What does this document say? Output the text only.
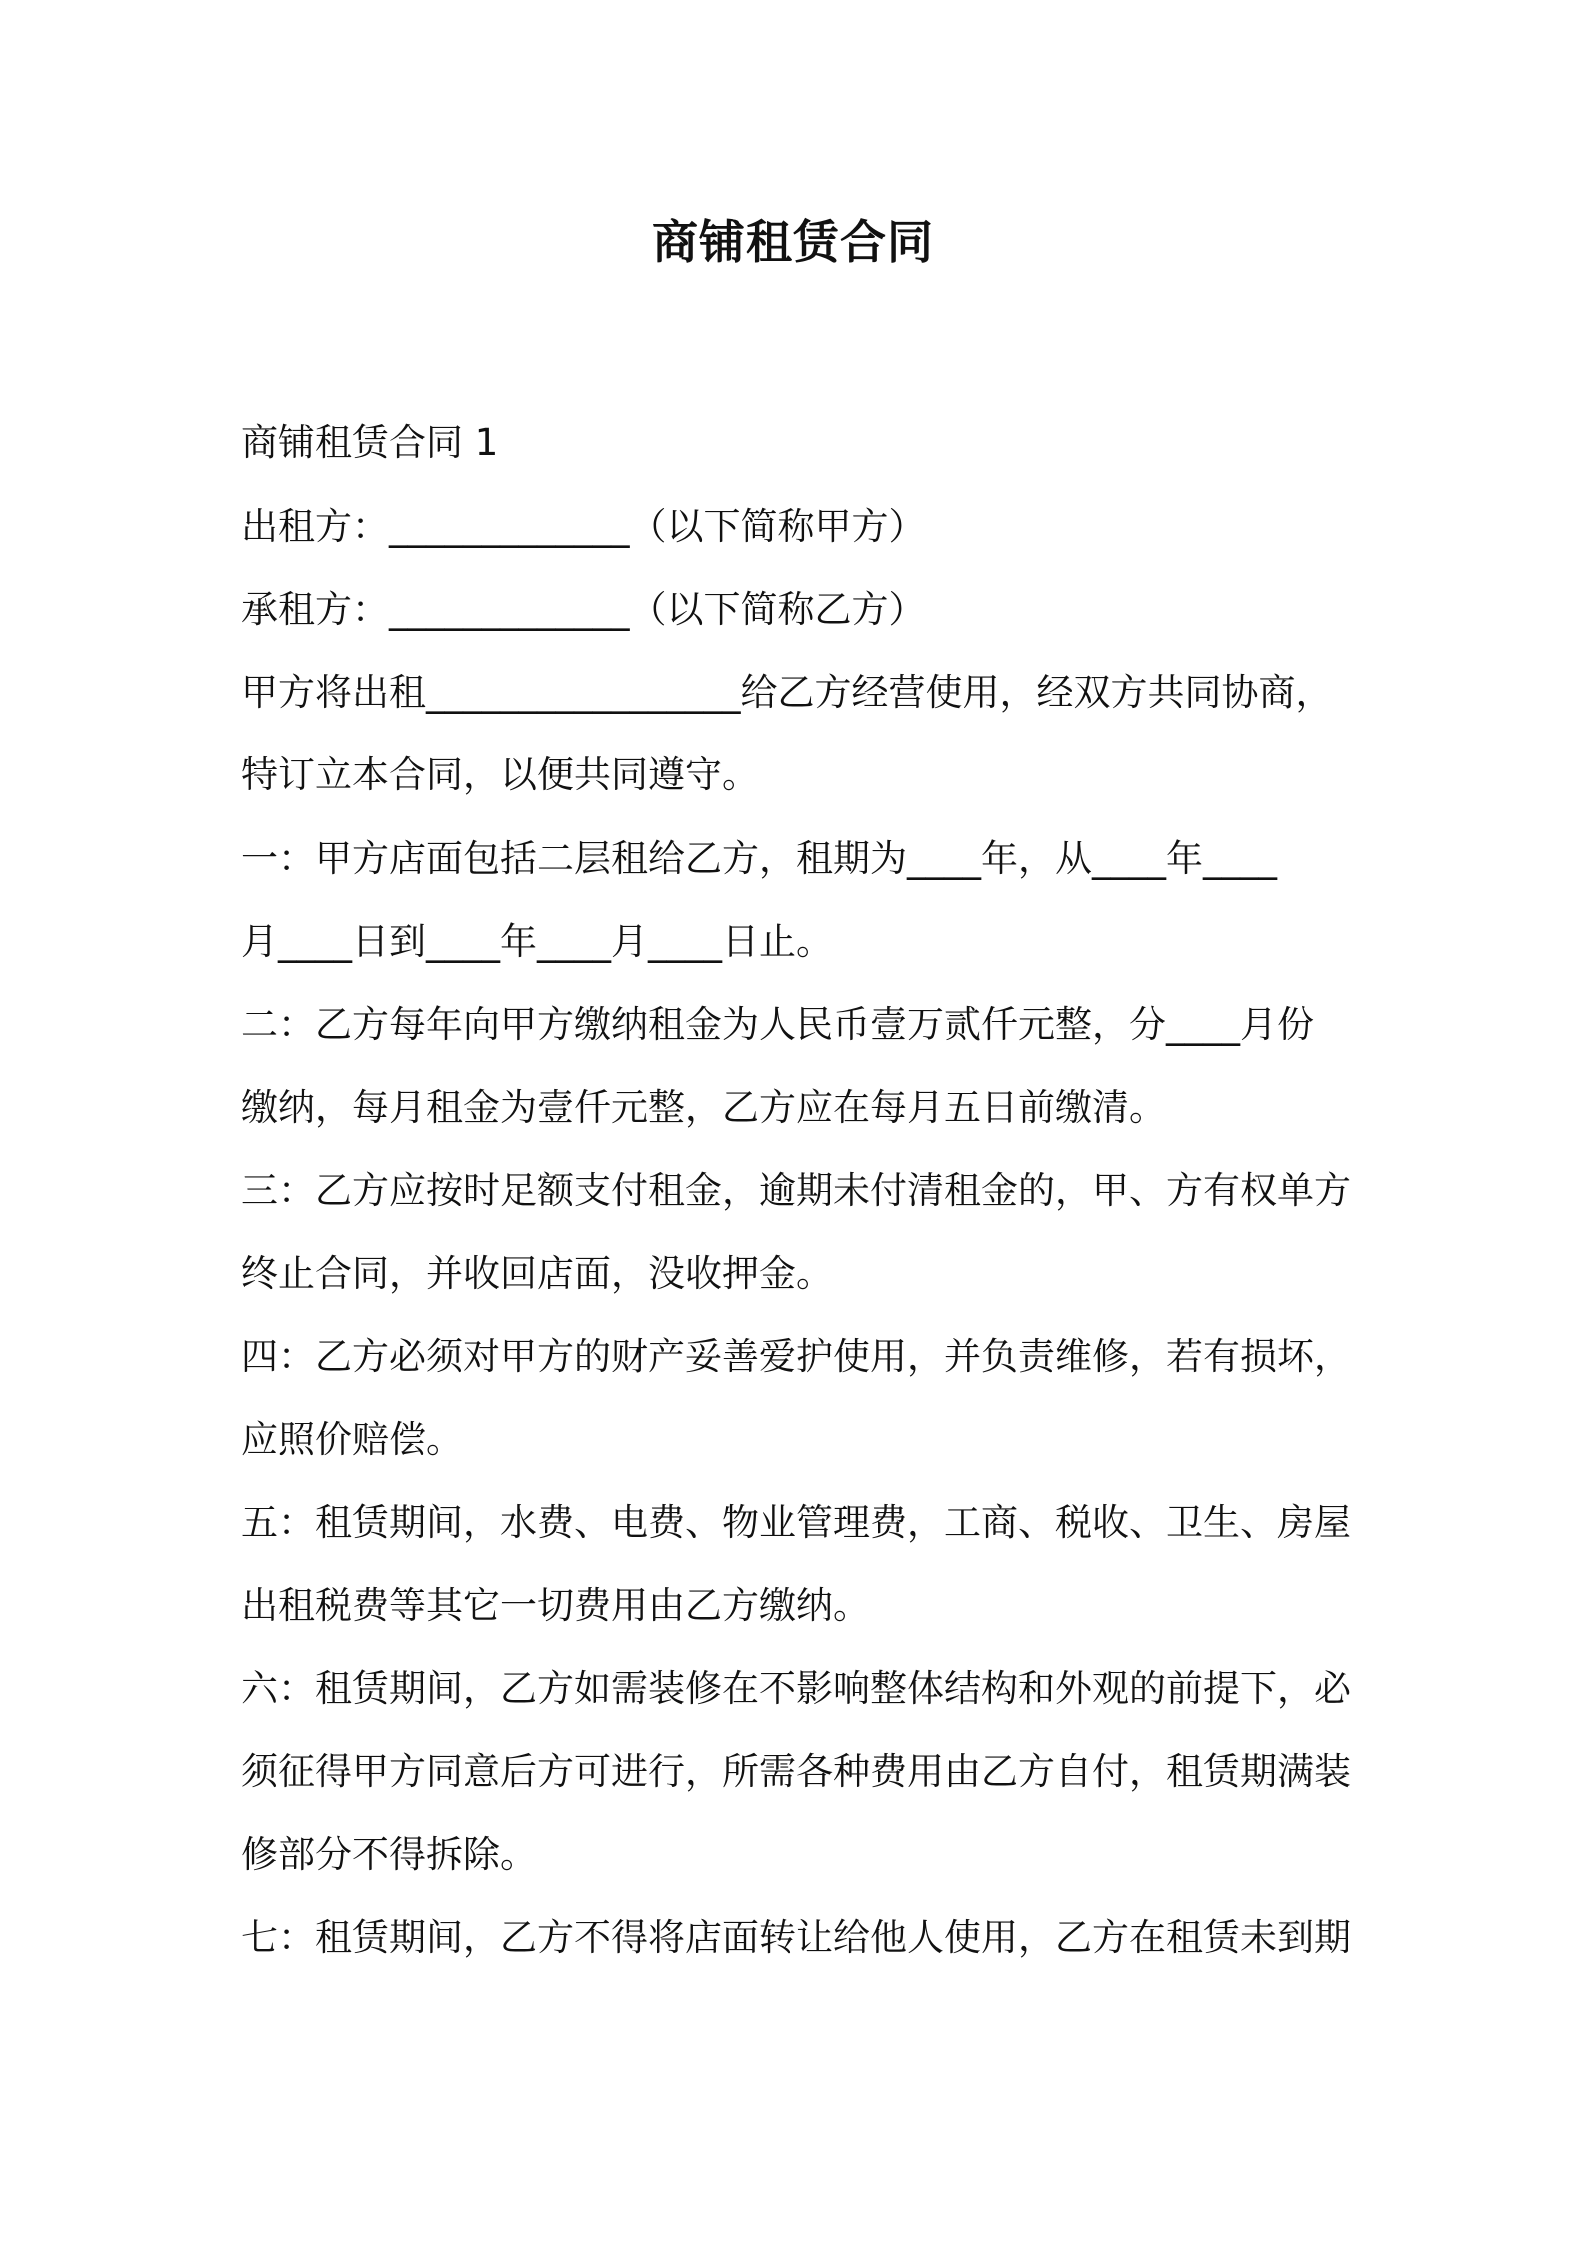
商铺租赁合同

商铺租赁合同 1

出租方：_____________（以下简称甲方）

承租方：_____________（以下简称乙方）

甲方将出租_________________给乙方经营使用，经双方共同协商，

特订立本合同，以便共同遵守。

一：甲方店面包括二层租给乙方，租期为____年，从____年____

月____日到____年____月____日止。

二：乙方每年向甲方缴纳租金为人民币壹万贰仟元整，分____月份

缴纳，每月租金为壹仟元整，乙方应在每月五日前缴清。

三：乙方应按时足额支付租金，逾期未付清租金的，甲、方有权单方

终止合同，并收回店面，没收押金。

四：乙方必须对甲方的财产妥善爱护使用，并负责维修，若有损坏，

应照价赔偿。

五：租赁期间，水费、电费、物业管理费，工商、税收、卫生、房屋

出租税费等其它一切费用由乙方缴纳。

六：租赁期间，乙方如需装修在不影响整体结构和外观的前提下，必

须征得甲方同意后方可进行，所需各种费用由乙方自付，租赁期满装

修部分不得拆除。

七：租赁期间，乙方不得将店面转让给他人使用，乙方在租赁未到期
